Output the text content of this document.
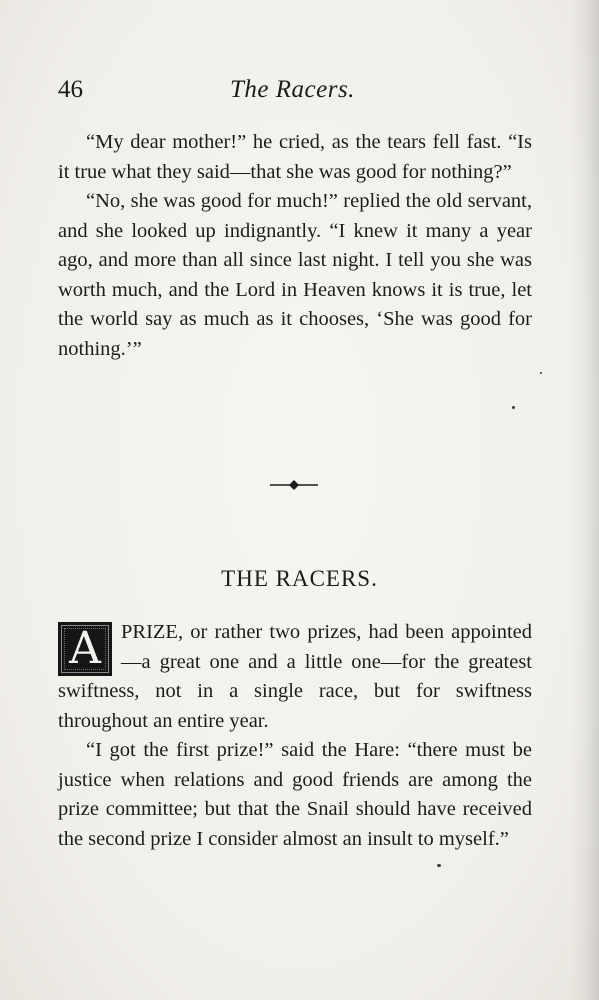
46	The Racers.

“My dear mother!” he cried, as the tears fell fast. “Is it true what they said—that she was good for nothing?”

“No, she was good for much!” replied the old servant, and she looked up indignantly. “I knew it many a year ago, and more than all since last night. I tell you she was worth much, and the Lord in Heaven knows it is true, let the world say as much as it chooses, ‘She was good for nothing.’”

THE RACERS.

A PRIZE, or rather two prizes, had been appointed—a great one and a little one—for the greatest swiftness, not in a single race, but for swiftness throughout an entire year.

“I got the first prize!” said the Hare: “there must be justice when relations and good friends are among the prize committee; but that the Snail should have received the second prize I consider almost an insult to myself.”
